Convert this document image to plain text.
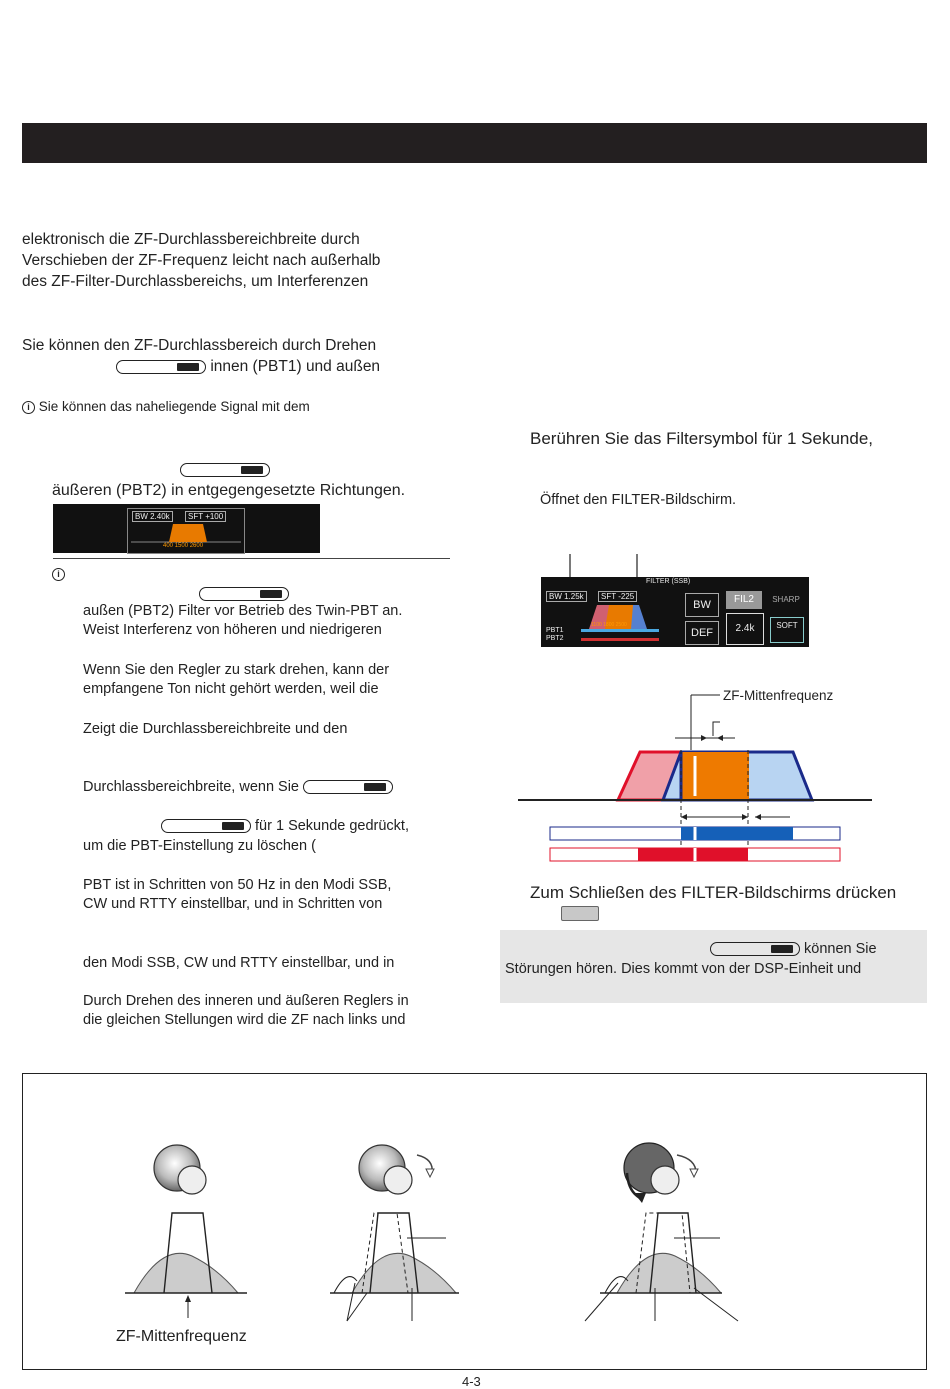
elektronisch die ZF-Durchlassbereichbreite durch
Verschieben der ZF-Frequenz leicht nach außerhalb
des ZF-Filter-Durchlassbereichs, um Interferenzen
Sie können den ZF-Durchlassbereich durch Drehen
innen (PBT1) und außen
i Sie können das naheliegende Signal mit dem
äußeren (PBT2) in entgegengesetzte Richtungen.
BW 2.40k	SFT +100
400 1500 2600
i
außen (PBT2) Filter vor Betrieb des Twin-PBT an.
Weist Interferenz von höheren und niedrigeren
Wenn Sie den Regler zu stark drehen, kann der
empfangene Ton nicht gehört werden, weil die
Zeigt die Durchlassbereichbreite und den
Durchlassbereichbreite, wenn Sie
für 1 Sekunde gedrückt,
um die PBT-Einstellung zu löschen (
PBT ist in Schritten von 50 Hz in den Modi SSB,
CW und RTTY einstellbar, und in Schritten von
den Modi SSB, CW und RTTY einstellbar, und in
Durch Drehen des inneren und äußeren Reglers in
die gleichen Stellungen wird die ZF nach links und
Berühren Sie das Filtersymbol für 1 Sekunde,
Öffnet den FILTER-Bildschirm.
FILTER (SSB)
BW 1.25k	SFT -225
1100 1800 2500
PBT1
PBT2
BW	FIL2	SHARP
DEF	2.4k	SOFT
ZF-Mittenfrequenz
Zum Schließen des FILTER-Bildschirms drücken
können Sie
Störungen hören. Dies kommt von der DSP-Einheit und
ZF-Mittenfrequenz
4-3
